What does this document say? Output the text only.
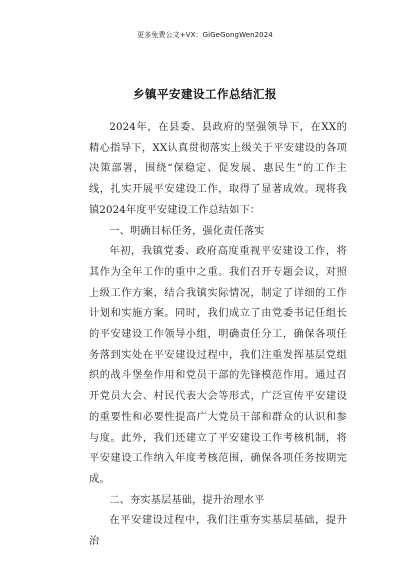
更多免费公文+VX：GiGeGongWen2024
乡镇平安建设工作总结汇报

2024年，在县委、县政府的坚强领导下，在XX的精心指导下，XX认真贯彻落实上级关于平安建设的各项决策部署，围绕“保稳定、促发展、惠民生”的工作主线，扎实开展平安建设工作，取得了显著成效。现将我镇2024年度平安建设工作总结如下：

一、明确目标任务，强化责任落实

年初，我镇党委、政府高度重视平安建设工作，将其作为全年工作的重中之重。我们召开专题会议，对照上级工作方案，结合我镇实际情况，制定了详细的工作计划和实施方案。同时，我们成立了由党委书记任组长的平安建设工作领导小组，明确责任分工，确保各项任务落到实处在平安建设过程中，我们注重发挥基层党组织的战斗堡垒作用和党员干部的先锋模范作用。通过召开党员大会、村民代表大会等形式，广泛宣传平安建设的重要性和必要性提高广大党员干部和群众的认识和参与度。此外，我们还建立了平安建设工作考核机制，将平安建设工作纳入年度考核范围，确保各项任务按期完成。

二、夯实基层基础，提升治理水平

在平安建设过程中，我们注重夯实基层基础，提升治
